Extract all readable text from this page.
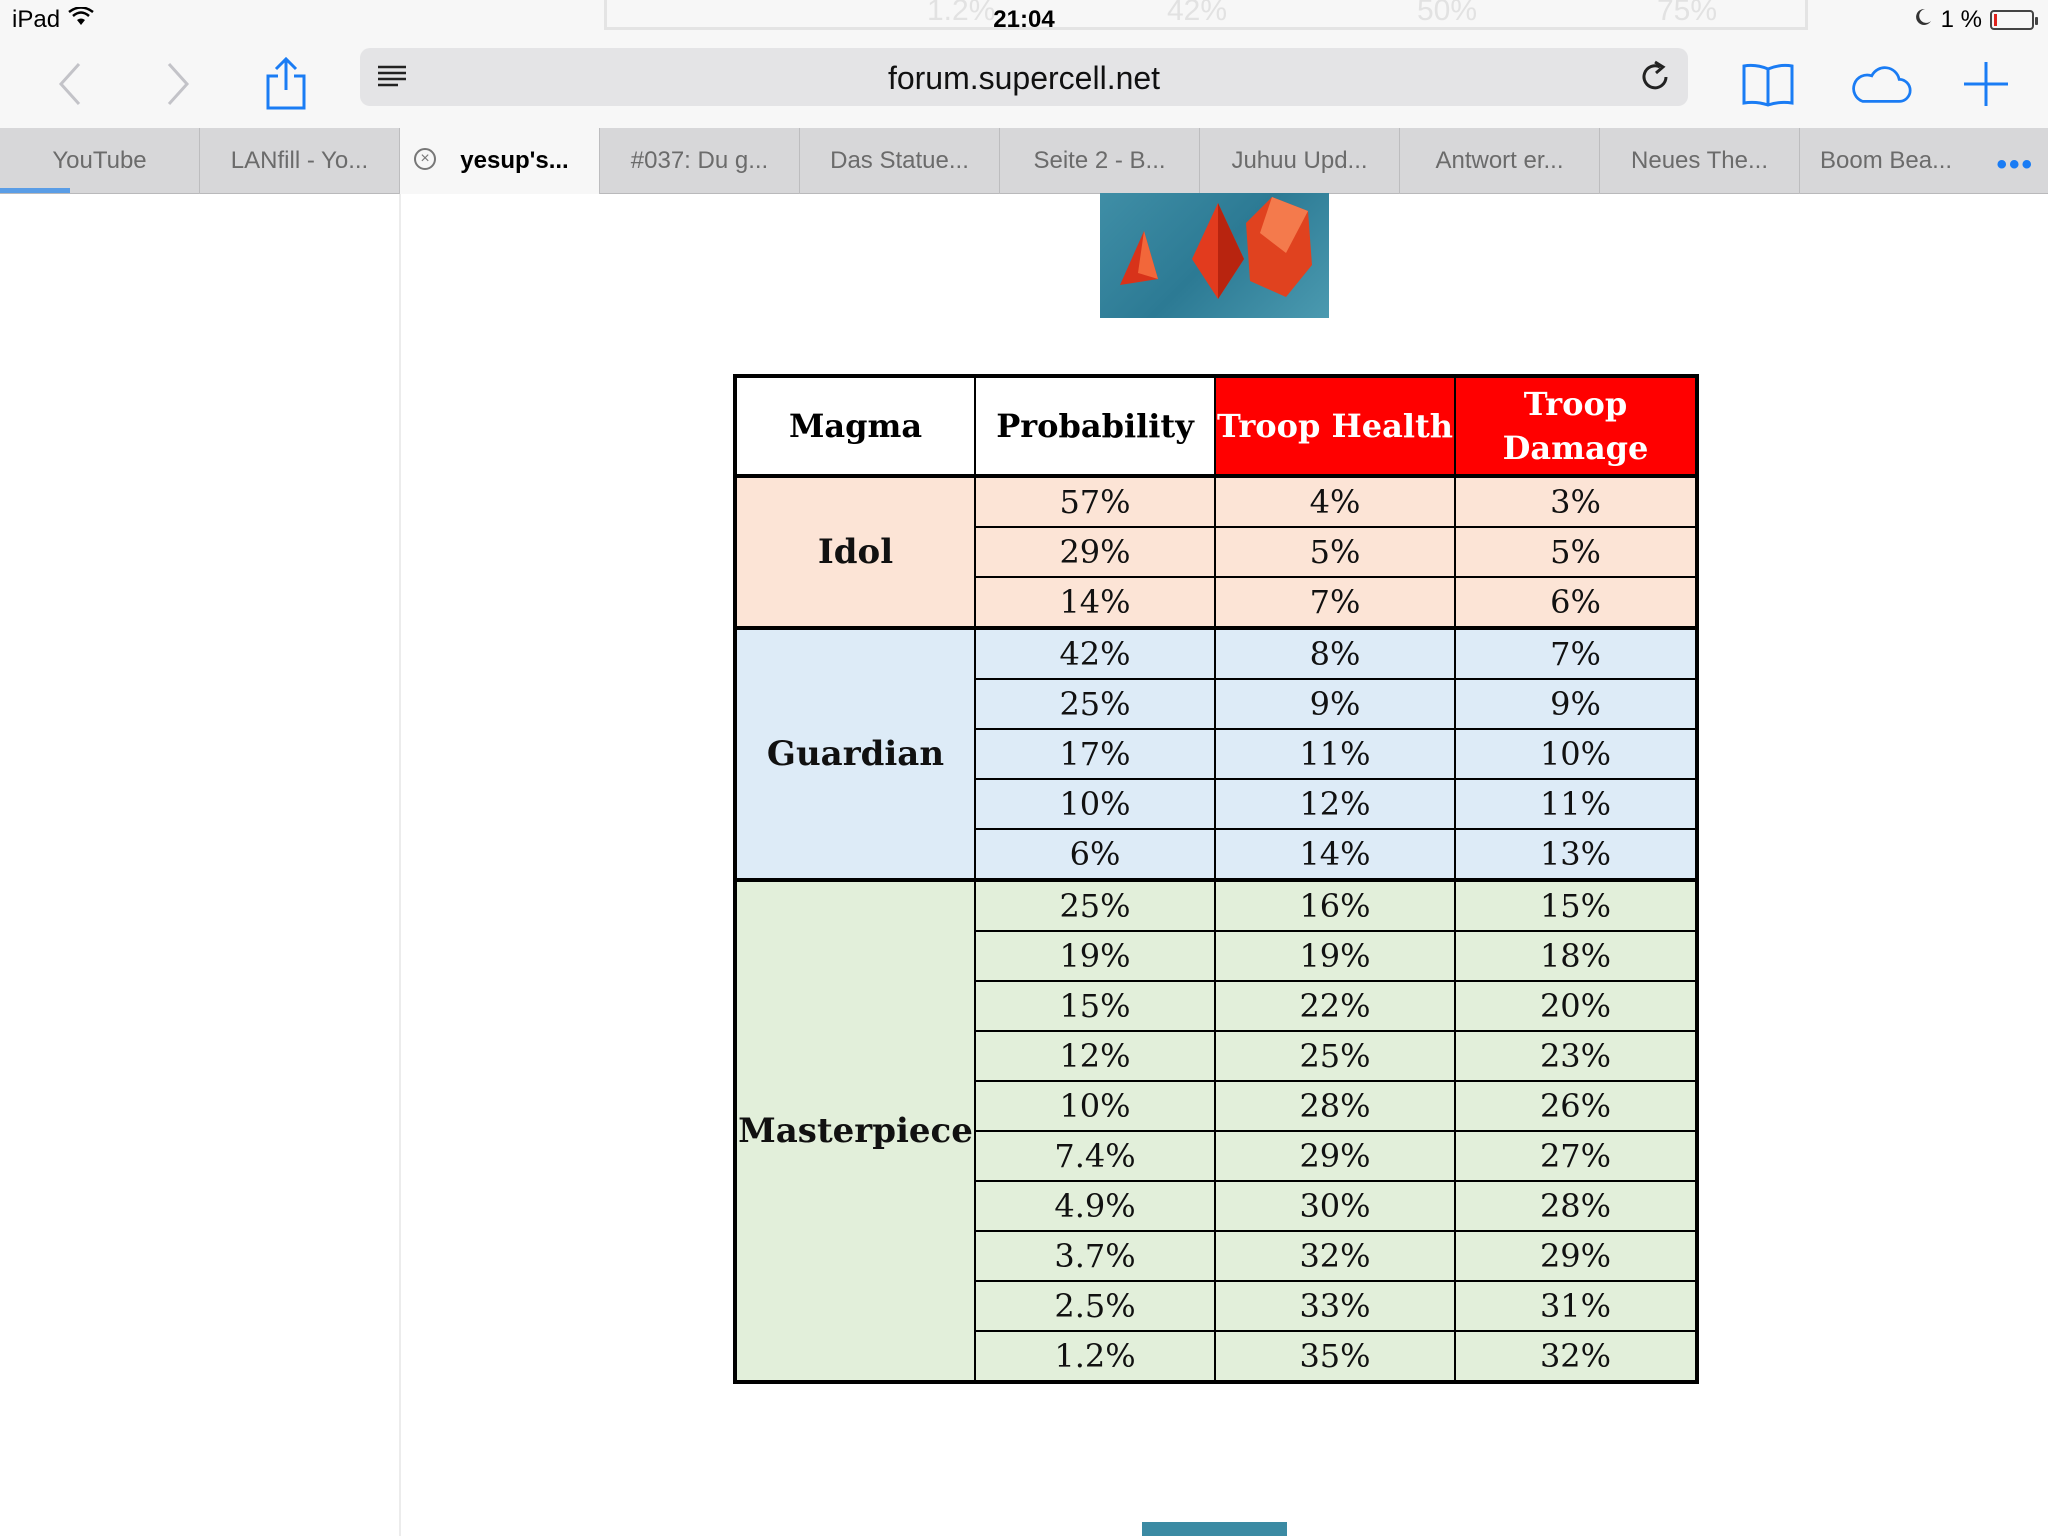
iPad	1.2%	42%	50%	75%
21:04	1 %
forum.supercell.net
YouTube	LANfill - Yo...	× yesup's...	#037: Du g...	Das Statue...	Seite 2 - B...	Juhuu Upd...	Antwort er...	Neues The... Boom Bea... •••
Magma	Probability	Troop Health	Troop Damage
Idol	57%	4%	3%
	29%	5%	5%
	14%	7%	6%
Guardian	42%	8%	7%
	25%	9%	9%
	17%	11%	10%
	10%	12%	11%
	6%	14%	13%
Masterpiece	25%	16%	15%
	19%	19%	18%
	15%	22%	20%
	12%	25%	23%
	10%	28%	26%
	7.4%	29%	27%
	4.9%	30%	28%
	3.7%	32%	29%
	2.5%	33%	31%
	1.2%	35%	32%
